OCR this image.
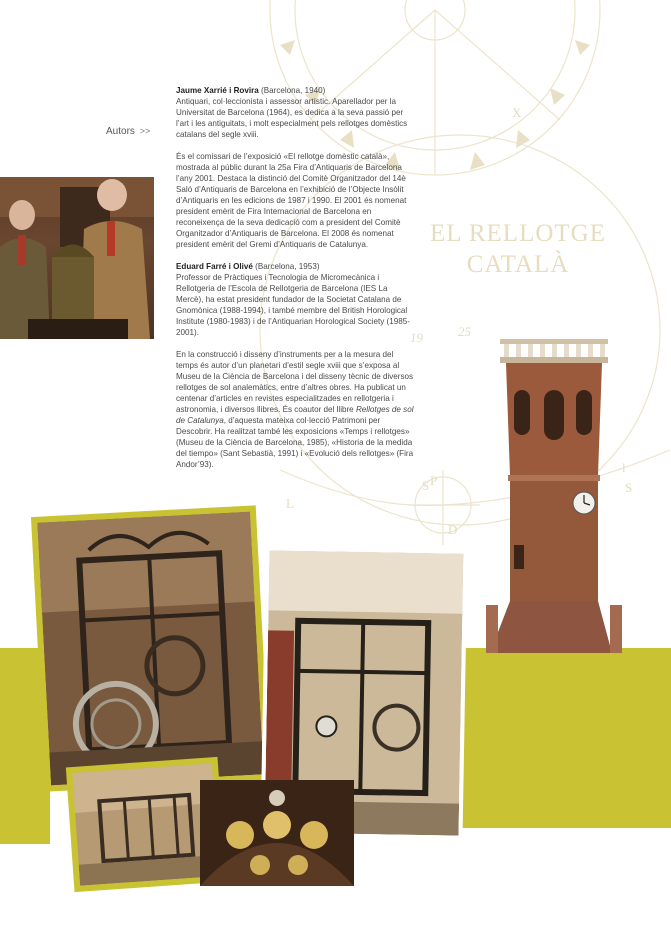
X
P	S
L
D
S
l
19	25
EL RELLOTGE
CATALÀ
Autors >>

Jaume Xarrié i Rovira (Barcelona, 1940)
Antiquari, col·leccionista i assessor artístic. Aparellador per la Universitat de Barcelona (1964), es dedica a la seva passió per l’art i les antiguitats, i molt especialment pels rellotges domèstics catalans del segle xviii.

És el comissari de l’exposició «El rellotge domèstic català», mostrada al públic durant la 25a Fira d’Antiquaris de Barcelona l’any 2001. Destaca la distinció del Comitè Organitzador del 14è Saló d’Antiquaris de Barcelona en l’exhibició de l’Objecte Insòlit d’Antiquaris en les edicions de 1987 i 1990. El 2001 és nomenat president emèrit de Fira Internacional de Barcelona en reconeixença de la seva dedicació com a president del Comitè Organitzador d’Antiquaris de Barcelona. El 2008 és nomenat president emèrit del Gremi d’Antiquaris de Catalunya.

Eduard Farré i Olivé (Barcelona, 1953)
Professor de Pràctiques i Tecnologia de Micromecànica i Rellotgeria de l’Escola de Rellotgeria de Barcelona (IES La Mercè), ha estat president fundador de la Societat Catalana de Gnomònica (1988-1994), i també membre del British Horological Institute (1980-1983) i de l’Antiquarian Horological Society (1985-2001).

En la construcció i disseny d’instruments per a la mesura del temps és autor d’un planetari d’estil segle xviii que s’exposa al Museu de la Ciència de Barcelona i del disseny tècnic de diversos rellotges de sol analemàtics, entre d’altres obres. Ha publicat un centenar d’articles en revistes especialitzades en rellotgeria i astronomia, i diversos llibres. És coautor del llibre Rellotges de sol de Catalunya, d’aquesta mateixa col·lecció Patrimoni per Descobrir. Ha realitzat també les exposicions «Temps i rellotges» (Museu de la Ciència de Barcelona, 1985), «Historia de la medida del tiempo» (Sant Sebastià, 1991) i «Evolució dels rellotges» (Fira Andor’93).
